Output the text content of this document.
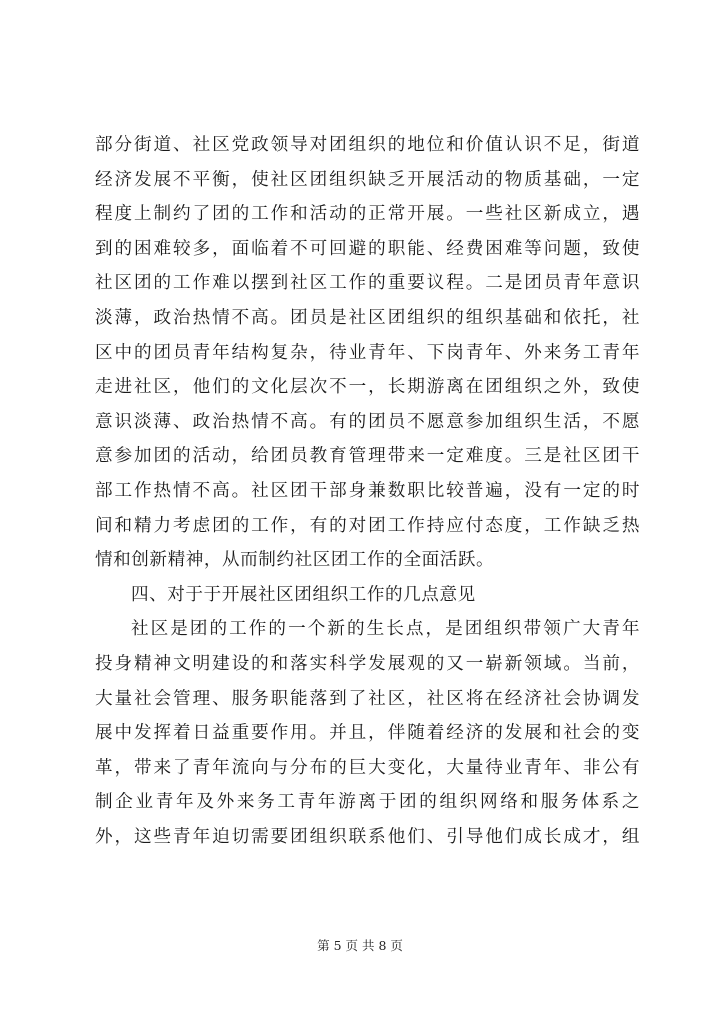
部分街道、社区党政领导对团组织的地位和价值认识不足，街道
经济发展不平衡，使社区团组织缺乏开展活动的物质基础，一定
程度上制约了团的工作和活动的正常开展。一些社区新成立，遇
到的困难较多，面临着不可回避的职能、经费困难等问题，致使
社区团的工作难以摆到社区工作的重要议程。二是团员青年意识
淡薄，政治热情不高。团员是社区团组织的组织基础和依托，社
区中的团员青年结构复杂，待业青年、下岗青年、外来务工青年
走进社区，他们的文化层次不一，长期游离在团组织之外，致使
意识淡薄、政治热情不高。有的团员不愿意参加组织生活，不愿
意参加团的活动，给团员教育管理带来一定难度。三是社区团干
部工作热情不高。社区团干部身兼数职比较普遍，没有一定的时
间和精力考虑团的工作，有的对团工作持应付态度，工作缺乏热
情和创新精神，从而制约社区团工作的全面活跃。
四、对于于开展社区团组织工作的几点意见
社区是团的工作的一个新的生长点，是团组织带领广大青年
投身精神文明建设的和落实科学发展观的又一崭新领域。当前，
大量社会管理、服务职能落到了社区，社区将在经济社会协调发
展中发挥着日益重要作用。并且，伴随着经济的发展和社会的变
革，带来了青年流向与分布的巨大变化，大量待业青年、非公有
制企业青年及外来务工青年游离于团的组织网络和服务体系之
外，这些青年迫切需要团组织联系他们、引导他们成长成才，组
第 5 页 共 8 页
